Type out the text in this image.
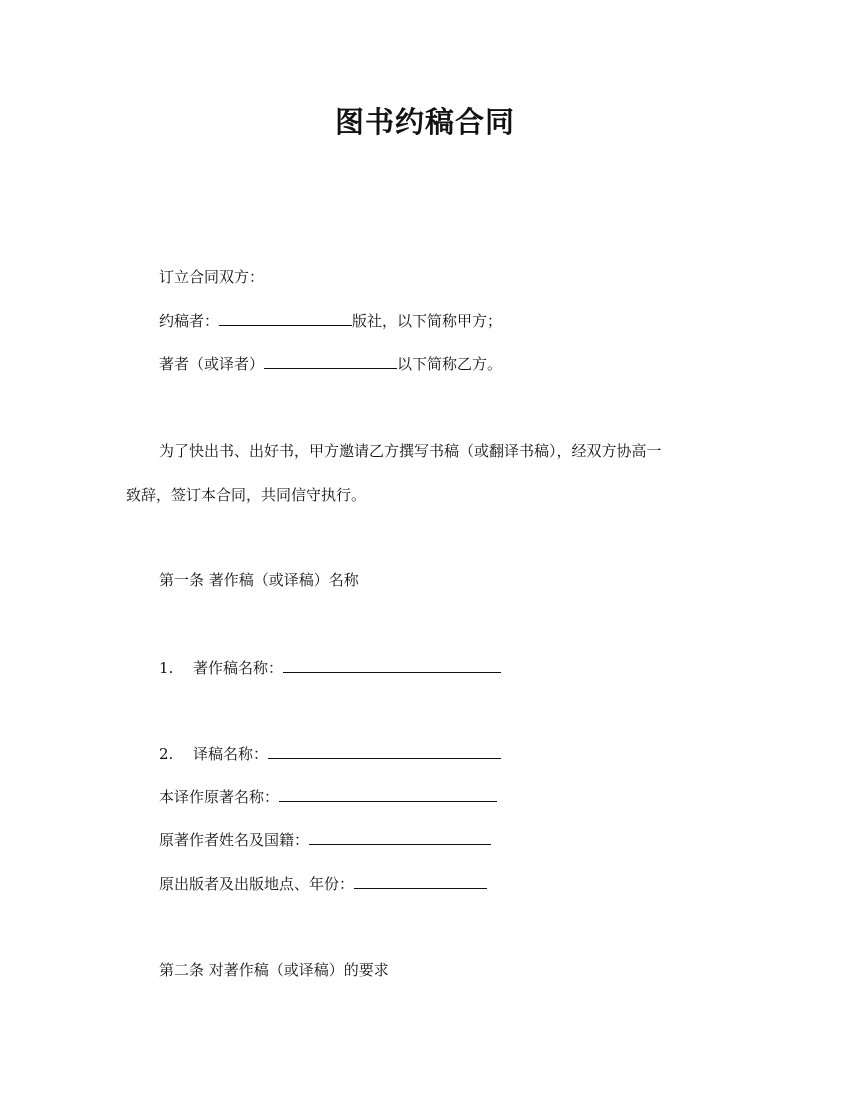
图书约稿合同
订立合同双方：
约稿者：	版社，以下简称甲方；
著者（或译者）	以下简称乙方。
为了快出书、出好书，甲方邀请乙方撰写书稿（或翻译书稿），经双方协高一
致辞，签订本合同，共同信守执行。
第一条 著作稿（或译稿）名称
1. 著作稿名称：
2. 译稿名称：
本译作原著名称：
原著作者姓名及国籍：
原出版者及出版地点、年份：
第二条 对著作稿（或译稿）的要求
